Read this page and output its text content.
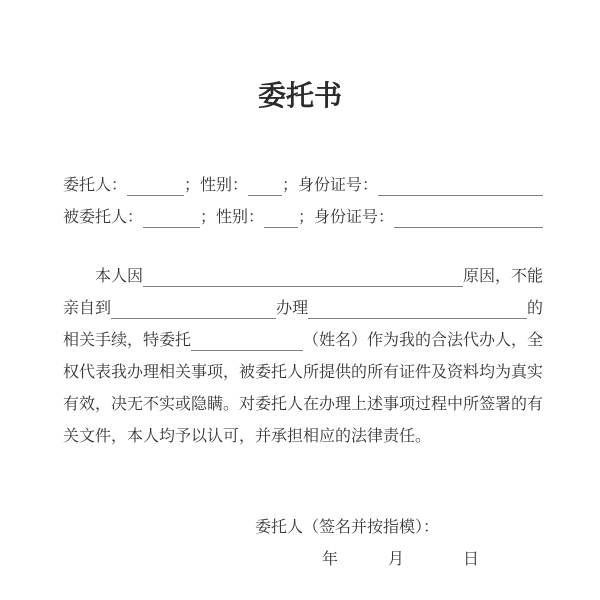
委托书
委托人：	；性别： ；身份证号：
被委托人：	；性别： ；身份证号：
本人因	原因，不能
亲自到	办理	的
相关手续，特委托	（姓名）作为我的合法代办人，全
权代表我办理相关事项，被委托人所提供的所有证件及资料均为真实
有效，决无不实或隐瞒。对委托人在办理上述事项过程中所签署的有
关文件，本人均予以认可，并承担相应的法律责任。
委托人（签名并按指模）：
年	月	日
